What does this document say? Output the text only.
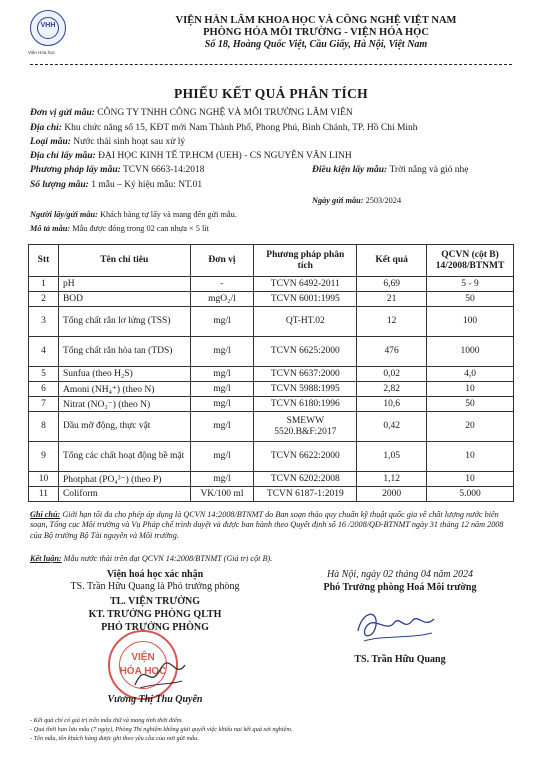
VHH
Viện Hóa học
VIỆN HÀN LÂM KHOA HỌC VÀ CÔNG NGHỆ VIỆT NAM
PHÒNG HÓA MÔI TRƯỜNG - VIỆN HÓA HỌC
Số 18, Hoàng Quốc Việt, Cầu Giấy, Hà Nội, Việt Nam
PHIẾU KẾT QUẢ PHÂN TÍCH
Đơn vị gửi mẫu: CÔNG TY TNHH CÔNG NGHỆ VÀ MÔI TRƯỜNG LÂM VIÊN
Địa chỉ: Khu chức năng số 15, KĐT mới Nam Thành Phố, Phong Phú, Bình Chánh, TP. Hồ Chí Minh
Loại mẫu: Nước thải sinh hoạt sau xử lý
Địa chỉ lấy mẫu: ĐẠI HỌC KINH TẾ TP.HCM (UEH) - CS NGUYỄN VĂN LINH
Phương pháp lấy mẫu: TCVN 6663-14:2018	Điều kiện lấy mẫu: Trời nắng và gió nhẹ
Số lượng mẫu: 1 mẫu – Ký hiệu mẫu: NT.01
Ngày gửi mẫu: 2503/2024
Người lấy/gửi mẫu: Khách hàng tự lấy và mang đến gửi mẫu.
Mô tả mẫu: Mẫu được đóng trong 02 can nhựa × 5 lít
Stt	Tên chỉ tiêu	Đơn vị	Phương pháp phân tích	Kết quả	QCVN (cột B) 14/2008/BTNMT
1	pH	-	TCVN 6492-2011	6,69	5 - 9
2	BOD	mgO₂/l	TCVN 6001:1995	21	50
3	Tổng chất rắn lơ lửng (TSS)	mg/l	QT-HT.02	12	100
4	Tổng chất rắn hòa tan (TDS)	mg/l	TCVN 6625:2000	476	1000
5	Sunfua (theo H₂S)	mg/l	TCVN 6637:2000	0,02	4,0
6	Amoni (NH₄⁺) (theo N)	mg/l	TCVN 5988:1995	2,82	10
7	Nitrat (NO₃⁻) (theo N)	mg/l	TCVN 6180:1996	10,6	50
8	Dầu mỡ động, thực vật	mg/l	SMEWW 5520.B&F:2017	0,42	20
9	Tổng các chất hoạt động bề mặt	mg/l	TCVN 6622:2000	1,05	10
10	Photphat (PO₄³⁻) (theo P)	mg/l	TCVN 6202:2008	1,12	10
11	Coliform	VK/100 ml	TCVN 6187-1:2019	2000	5.000
Ghi chú: Giới hạn tối đa cho phép áp dụng là QCVN 14:2008/BTNMT do Ban soạn thảo quy chuẩn kỹ thuật quốc gia về chất lượng nước biên soạn, Tổng cục Môi trường và Vụ Pháp chế trình duyệt và được ban hành theo Quyết định số 16 /2008/QĐ-BTNMT ngày 31 tháng 12 năm 2008 của Bộ trưởng Bộ Tài nguyên và Môi trường.
Kết luận: Mẫu nước thải trên đạt QCVN 14:2008/BTNMT (Giá trị cột B).
Viện hoá học xác nhận
TS. Trần Hữu Quang là Phó trưởng phòng
TL. VIỆN TRƯỞNG
KT. TRƯỞNG PHÒNG QLTH
PHÓ TRƯỞNG PHÒNG
VIỆN
HÓA HỌC
Vương Thị Thu Quyên
Hà Nội, ngày 02 tháng 04 năm 2024
Phó Trưởng phòng Hoá Môi trường
TS. Trần Hữu Quang
- Kết quả chỉ có giá trị trên mẫu thử và mang tính thời điểm.
- Quá thời hạn lưu mẫu (7 ngày), Phòng Thí nghiệm không giải quyết việc khiếu nại kết quả xét nghiệm.
- Tên mẫu, tên khách hàng được ghi theo yêu cầu của nơi gửi mẫu.
